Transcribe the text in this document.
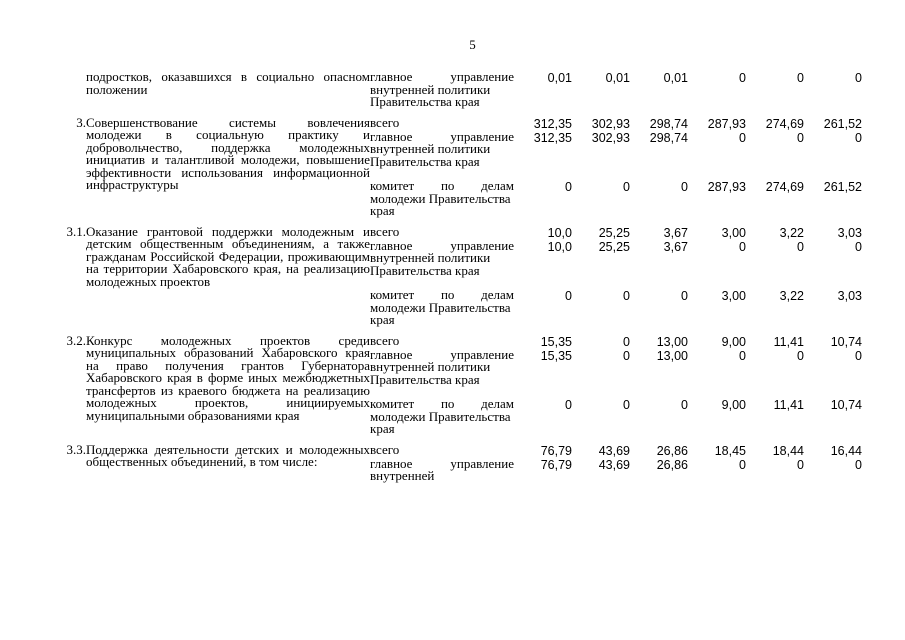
5
	подростков, оказавшихся в социально опасном положении	главное управление
внутренней политики Правительства края	0,01	0,01	0,01	0	0	0

3.	Совершенствование системы вовлечения молодежи в социальную практику и добровольчество, поддержка молодежных инициатив и талантливой молодежи, повышение эффективности использования информационной инфраструктуры	всего	312,35	302,93	298,74	287,93	274,69	261,52

		главное управление
внутренней политики Правительства края	312,35	302,93	298,74	0	0	0

		комитет по делам
молодежи Правительства края	0	0	0	287,93	274,69	261,52

3.1.	Оказание грантовой поддержки молодежным и детским общественным объединениям, а также гражданам Российской Федерации, проживающим на территории Хабаровского края, на реализацию молодежных проектов	всего	10,0	25,25	3,67	3,00	3,22	3,03

		главное управление
внутренней политики Правительства края	10,0	25,25	3,67	0	0	0

		комитет по делам
молодежи Правительства края	0	0	0	3,00	3,22	3,03

3.2.	Конкурс молодежных проектов среди муниципальных образований Хабаровского края на право получения грантов Губернатора Хабаровского края в форме иных межбюджетных трансфертов из краевого бюджета на реализацию молодежных проектов, инициируемых муниципальными образованиями края	всего	15,35	0	13,00	9,00	11,41	10,74

		главное управление
внутренней политики Правительства края	15,35	0	13,00	0	0	0

		комитет по делам
молодежи Правительства края	0	0	0	9,00	11,41	10,74

3.3.	Поддержка деятельности детских и молодежных общественных объединений, в том числе:	всего	76,79	43,69	26,86	18,45	18,44	16,44

		главное управление
внутренней	76,79	43,69	26,86	0	0	0
